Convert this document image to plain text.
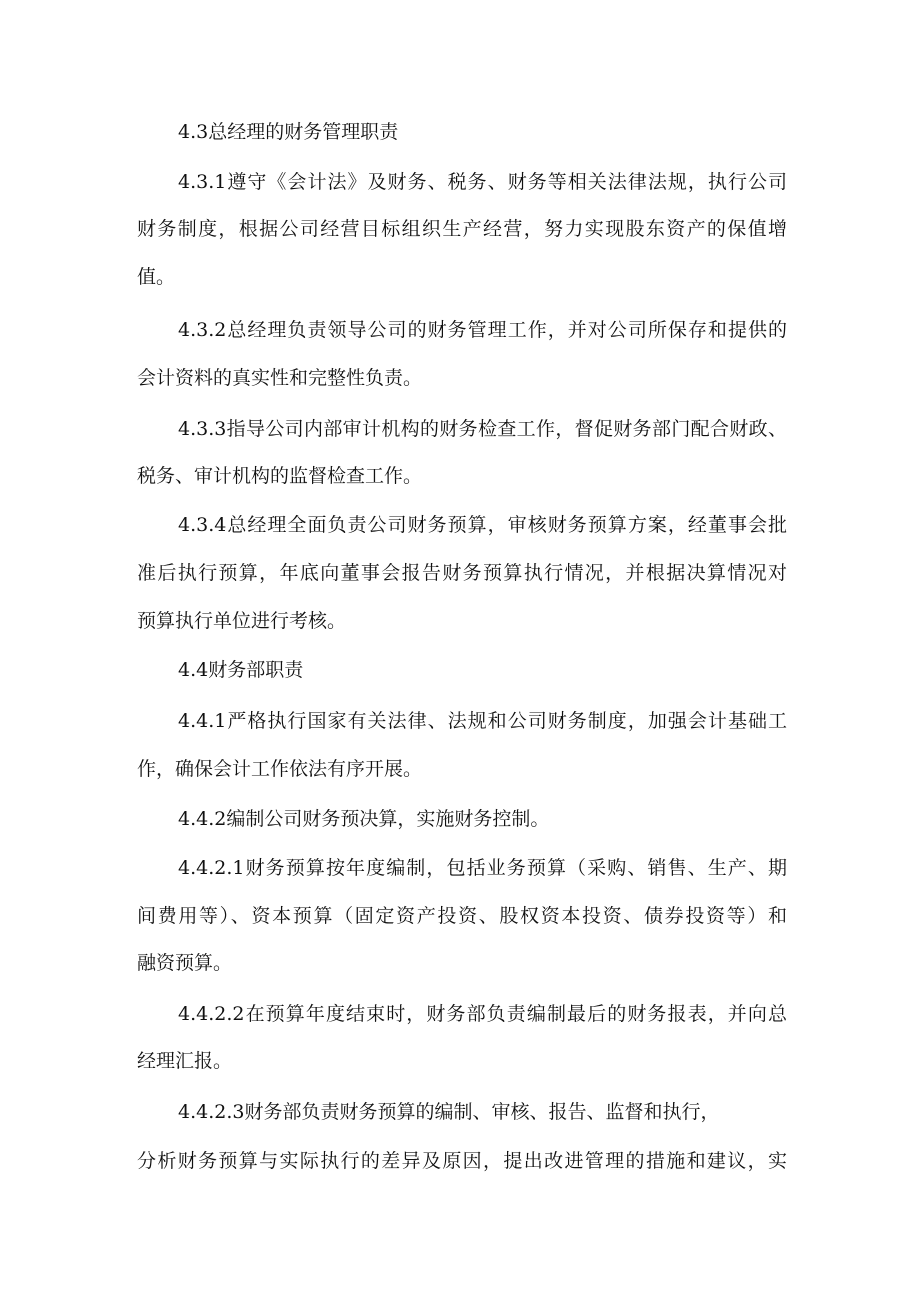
4.3总经理的财务管理职责
4.3.1遵守《会计法》及财务、税务、财务等相关法律法规，执行公司
财务制度，根据公司经营目标组织生产经营，努力实现股东资产的保值增
值。
4.3.2总经理负责领导公司的财务管理工作，并对公司所保存和提供的
会计资料的真实性和完整性负责。
4.3.3指导公司内部审计机构的财务检查工作，督促财务部门配合财政、
税务、审计机构的监督检查工作。
4.3.4总经理全面负责公司财务预算，审核财务预算方案，经董事会批
准后执行预算，年底向董事会报告财务预算执行情况，并根据决算情况对
预算执行单位进行考核。
4.4财务部职责
4.4.1严格执行国家有关法律、法规和公司财务制度，加强会计基础工
作，确保会计工作依法有序开展。
4.4.2编制公司财务预决算，实施财务控制。
4.4.2.1财务预算按年度编制，包括业务预算（采购、销售、生产、期
间费用等）、资本预算（固定资产投资、股权资本投资、债券投资等）和
融资预算。
4.4.2.2在预算年度结束时，财务部负责编制最后的财务报表，并向总
经理汇报。
4.4.2.3财务部负责财务预算的编制、审核、报告、监督和执行，
分析财务预算与实际执行的差异及原因，提出改进管理的措施和建议，实
